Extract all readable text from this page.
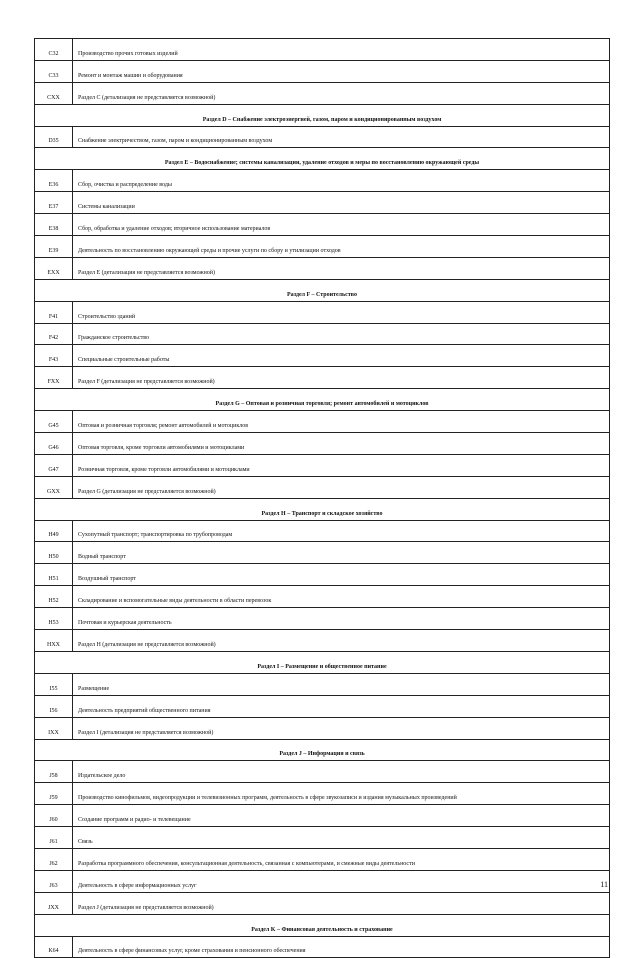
C32	Производство прочих готовых изделий
C33	Ремонт и монтаж машин и оборудования
CXX	Раздел C (детализация не представляется возможной)
Раздел D – Снабжение электроэнергией, газом, паром и кондиционированным воздухом	
D35	Снабжение электричеством, газом, паром и кондиционированным воздухом
Раздел E – Водоснабжение; системы канализации, удаление отходов и меры по восстановлению окружающей среды	
E36	Сбор, очистка и распределение воды
E37	Системы канализации
E38	Сбор, обработка и удаление отходов; вторичное использование материалов
E39	Деятельность по восстановлению окружающей среды и прочие услуги по сбору и утилизации отходов
EXX	Раздел E (детализация не представляется возможной)
Раздел F – Строительство	
F41	Строительство зданий
F42	Гражданское строительство
F43	Специальные строительные работы
FXX	Раздел F (детализация не представляется возможной)
Раздел G – Оптовая и розничная торговля; ремонт автомобилей и мотоциклов	
G45	Оптовая и розничная торговля; ремонт автомобилей и мотоциклов
G46	Оптовая торговля, кроме торговли автомобилями и мотоциклами
G47	Розничная торговля, кроме торговли автомобилями и мотоциклами
GXX	Раздел G (детализация не представляется возможной)
Раздел H – Транспорт и складское хозяйство	
H49	Сухопутный транспорт; транспортировка по трубопроводам
H50	Водный транспорт
H51	Воздушный транспорт
H52	Складирование и вспомогательные виды деятельности в области перевозок
H53	Почтовая и курьерская деятельность
HXX	Раздел H (детализация не представляется возможной)
Раздел I – Размещение и общественное питание	
I55	Размещение
I56	Деятельность предприятий общественного питания
IXX	Раздел I (детализация не представляется возможной)
Раздел J – Информация и связь	
J58	Издательское дело
J59	Производство кинофильмов, видеопродукции и телевизионных программ, деятельность в сфере звукозаписи и издания музыкальных произведений
J60	Создание программ и радио- и телевещание
J61	Связь
J62	Разработка программного обеспечения, консультационная деятельность, связанная с компьютерами, и смежные виды деятельности
J63	Деятельность в сфере информационных услуг
JXX	Раздел J (детализация не представляется возможной)
Раздел K – Финансовая деятельность и страхование	
K64	Деятельность в сфере финансовых услуг, кроме страхования и пенсионного обеспечения
11
